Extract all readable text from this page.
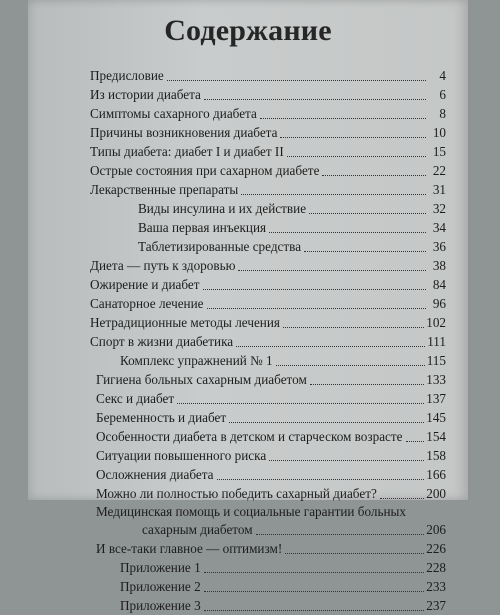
Содержание
Предисловие	4
Из истории диабета	6
Симптомы сахарного диабета	8
Причины возникновения диабета	10
Типы диабета: диабет I и диабет II	15
Острые состояния при сахарном диабете	22
Лекарственные препараты	31
Виды инсулина и их действие	32
Ваша первая инъекция	34
Таблетизированные средства	36
Диета — путь к здоровью	38
Ожирение и диабет	84
Санаторное лечение	96
Нетрадиционные методы лечения	102
Спорт в жизни диабетика	111
Комплекс упражнений № 1	115
Гигиена больных сахарным диабетом	133
Секс и диабет	137
Беременность и диабет	145
Особенности диабета в детском и старческом возрасте 154
Ситуации повышенного риска	158
Осложнения диабета	166
Можно ли полностью победить сахарный диабет?	200
Медицинская помощь и социальные гарантии больных
сахарным диабетом	206
И все-таки главное — оптимизм!	226
Приложение 1	228
Приложение 2	233
Приложение 3	237
